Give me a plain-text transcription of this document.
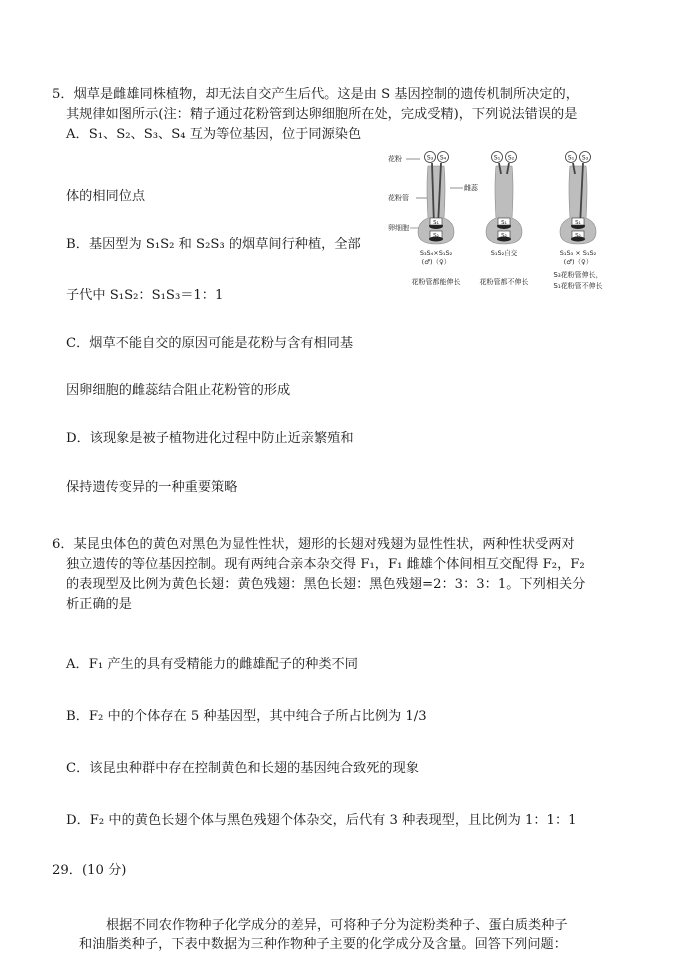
5．烟草是雌雄同株植物，却无法自交产生后代。这是由 S 基因控制的遗传机制所决定的，
其规律如图所示(注：精子通过花粉管到达卵细胞所在处，完成受精)，下列说法错误的是
A．S₁、S₂、S₃、S₄ 互为等位基因，位于同源染色
体的相同位点
B．基因型为 S₁S₂ 和 S₂S₃ 的烟草间行种植，全部
子代中 S₁S₂：S₁S₃＝1：1
C．烟草不能自交的原因可能是花粉与含有相同基
因卵细胞的雌蕊结合阻止花粉管的形成
D．该现象是被子植物进化过程中防止近亲繁殖和
保持遗传变异的一种重要策略
花粉
花粉管
卵细胞
雌蕊
S₃ S₄
S₁
S₂
S₃S₄×S₁S₂
(♂)（♀）
花粉管都能伸长
S₁ S₂
S₁
S₂
S₁S₂自交
花粉管都不伸长
S₁ S₃
S₁
S₂
S₁S₃ × S₁S₂
(♂)（♀）
S₃花粉管伸长，
S₁花粉管不伸长
6．某昆虫体色的黄色对黑色为显性性状，翅形的长翅对残翅为显性性状，两种性状受两对
独立遗传的等位基因控制。现有两纯合亲本杂交得 F₁，F₁ 雌雄个体间相互交配得 F₂，F₂
的表现型及比例为黄色长翅：黄色残翅：黑色长翅：黑色残翅=2：3：3：1。下列相关分
析正确的是
A．F₁ 产生的具有受精能力的雌雄配子的种类不同
B．F₂ 中的个体存在 5 种基因型，其中纯合子所占比例为 1/3
C．该昆虫种群中存在控制黄色和长翅的基因纯合致死的现象
D．F₂ 中的黄色长翅个体与黑色残翅个体杂交，后代有 3 种表现型，且比例为 1：1：1
29．(10 分)
根据不同农作物种子化学成分的差异，可将种子分为淀粉类种子、蛋白质类种子
和油脂类种子，下表中数据为三种作物种子主要的化学成分及含量。回答下列问题：
